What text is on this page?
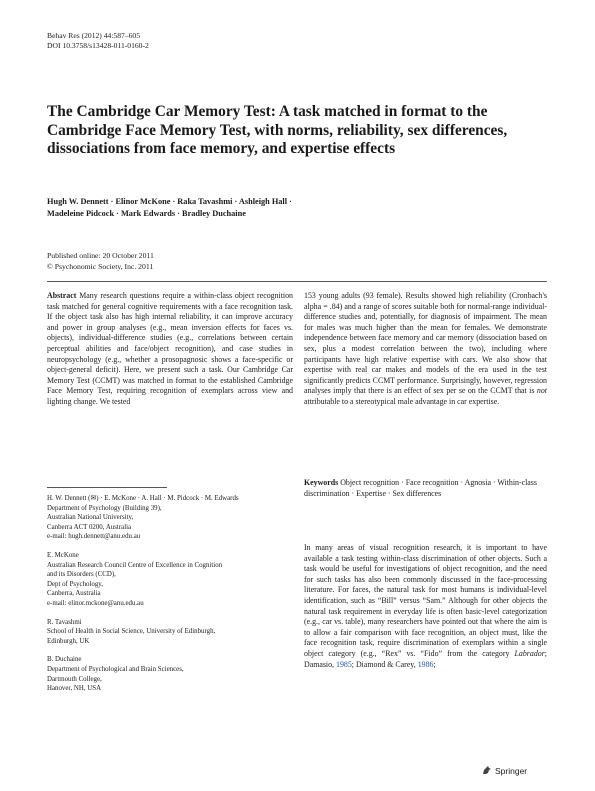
Behav Res (2012) 44:587–605
DOI 10.3758/s13428-011-0160-2
The Cambridge Car Memory Test: A task matched in format to the Cambridge Face Memory Test, with norms, reliability, sex differences, dissociations from face memory, and expertise effects
Hugh W. Dennett · Elinor McKone · Raka Tavashmi · Ashleigh Hall · Madeleine Pidcock · Mark Edwards · Bradley Duchaine
Published online: 20 October 2011
© Psychonomic Society, Inc. 2011
Abstract Many research questions require a within-class object recognition task matched for general cognitive requirements with a face recognition task. If the object task also has high internal reliability, it can improve accuracy and power in group analyses (e.g., mean inversion effects for faces vs. objects), individual-difference studies (e.g., correlations between certain perceptual abilities and face/object recognition), and case studies in neuropsychology (e.g., whether a prosopagnosic shows a face-specific or object-general deficit). Here, we present such a task. Our Cambridge Car Memory Test (CCMT) was matched in format to the established Cambridge Face Memory Test, requiring recognition of exemplars across view and lighting change. We tested
153 young adults (93 female). Results showed high reliability (Cronbach's alpha = .84) and a range of scores suitable both for normal-range individual-difference studies and, potentially, for diagnosis of impairment. The mean for males was much higher than the mean for females. We demonstrate independence between face memory and car memory (dissociation based on sex, plus a modest correlation between the two), including where participants have high relative expertise with cars. We also show that expertise with real car makes and models of the era used in the test significantly predicts CCMT performance. Surprisingly, however, regression analyses imply that there is an effect of sex per se on the CCMT that is not attributable to a stereotypical male advantage in car expertise.
Keywords Object recognition · Face recognition · Agnosia · Within-class discrimination · Expertise · Sex differences
H. W. Dennett (✉) · E. McKone · A. Hall · M. Pidcock · M. Edwards
Department of Psychology (Building 39),
Australian National University,
Canberra ACT 0200, Australia
e-mail: hugh.dennett@anu.edu.au
E. McKone
Australian Research Council Centre of Excellence in Cognition
and its Disorders (CCD),
Dept of Psychology,
Canberra, Australia
e-mail: elinor.mckone@anu.edu.au
R. Tavashmi
School of Health in Social Science, University of Edinburgh,
Edinburgh, UK
B. Duchaine
Department of Psychological and Brain Sciences,
Dartmouth College,
Hanover, NH, USA
In many areas of visual recognition research, it is important to have available a task testing within-class discrimination of other objects. Such a task would be useful for investigations of object recognition, and the need for such tasks has also been commonly discussed in the face-processing literature. For faces, the natural task for most humans is individual-level identification, such as “Bill” versus “Sam.” Although for other objects the natural task requirement in everyday life is often basic-level categorization (e.g., car vs. table), many researchers have pointed out that where the aim is to allow a fair comparison with face recognition, an object must, like the face recognition task, require discrimination of exemplars within a single object category (e.g., “Rex” vs. “Fido” from the category Labrador; Damasio, 1985; Diamond & Carey, 1986;
Springer
